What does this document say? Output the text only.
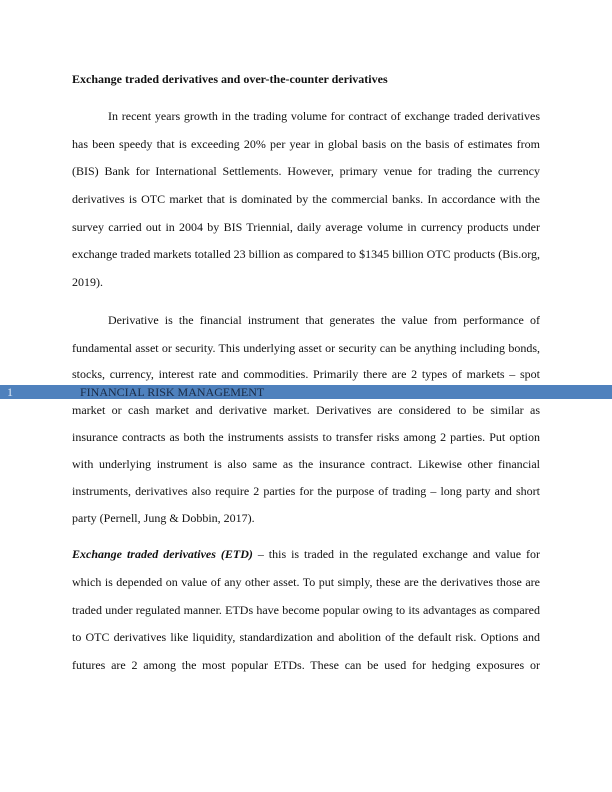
Exchange traded derivatives and over-the-counter derivatives
In recent years growth in the trading volume for contract of exchange traded derivatives
has been speedy that is exceeding 20% per year in global basis on the basis of estimates from
(BIS) Bank for International Settlements. However, primary venue for trading the currency
derivatives is OTC market that is dominated by the commercial banks. In accordance with the
survey carried out in 2004 by BIS Triennial, daily average volume in currency products under
exchange traded markets totalled 23 billion as compared to $1345 billion OTC products (Bis.org,
2019).
Derivative is the financial instrument that generates the value from performance of
fundamental asset or security. This underlying asset or security can be anything including bonds,
stocks, currency, interest rate and commodities. Primarily there are 2 types of markets – spot
market or cash market and derivative market. Derivatives are considered to be similar as
insurance contracts as both the instruments assists to transfer risks among 2 parties. Put option
with underlying instrument is also same as the insurance contract. Likewise other financial
instruments, derivatives also require 2 parties for the purpose of trading – long party and short
party (Pernell, Jung & Dobbin, 2017).
Exchange traded derivatives (ETD) – this is traded in the regulated exchange and value for
which is depended on value of any other asset. To put simply, these are the derivatives those are
traded under regulated manner. ETDs have become popular owing to its advantages as compared
to OTC derivatives like liquidity, standardization and abolition of the default risk. Options and
futures are 2 among the most popular ETDs. These can be used for hedging exposures or
1	FINANCIAL RISK MANAGEMENT
